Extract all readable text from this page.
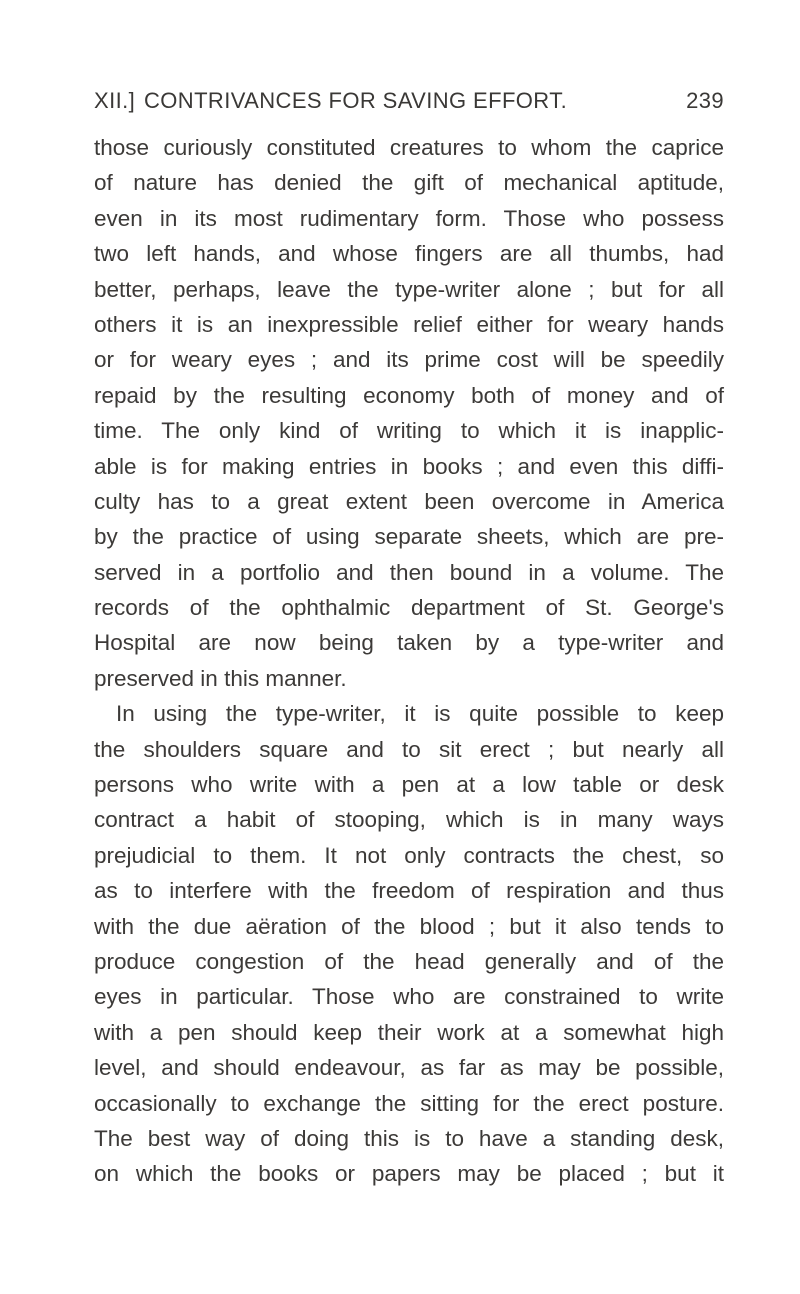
XII.] CONTRIVANCES FOR SAVING EFFORT.	239
those curiously constituted creatures to whom the caprice
of nature has denied the gift of mechanical aptitude,
even in its most rudimentary form. Those who possess
two left hands, and whose fingers are all thumbs, had
better, perhaps, leave the type-writer alone ; but for all
others it is an inexpressible relief either for weary hands
or for weary eyes ; and its prime cost will be speedily
repaid by the resulting economy both of money and of
time. The only kind of writing to which it is inapplic-
able is for making entries in books ; and even this diffi-
culty has to a great extent been overcome in America
by the practice of using separate sheets, which are pre-
served in a portfolio and then bound in a volume. The
records of the ophthalmic department of St. George's
Hospital are now being taken by a type-writer and
preserved in this manner.
In using the type-writer, it is quite possible to keep
the shoulders square and to sit erect ; but nearly all
persons who write with a pen at a low table or desk
contract a habit of stooping, which is in many ways
prejudicial to them. It not only contracts the chest, so
as to interfere with the freedom of respiration and thus
with the due aëration of the blood ; but it also tends to
produce congestion of the head generally and of the
eyes in particular. Those who are constrained to write
with a pen should keep their work at a somewhat high
level, and should endeavour, as far as may be possible,
occasionally to exchange the sitting for the erect posture.
The best way of doing this is to have a standing desk,
on which the books or papers may be placed ; but it
